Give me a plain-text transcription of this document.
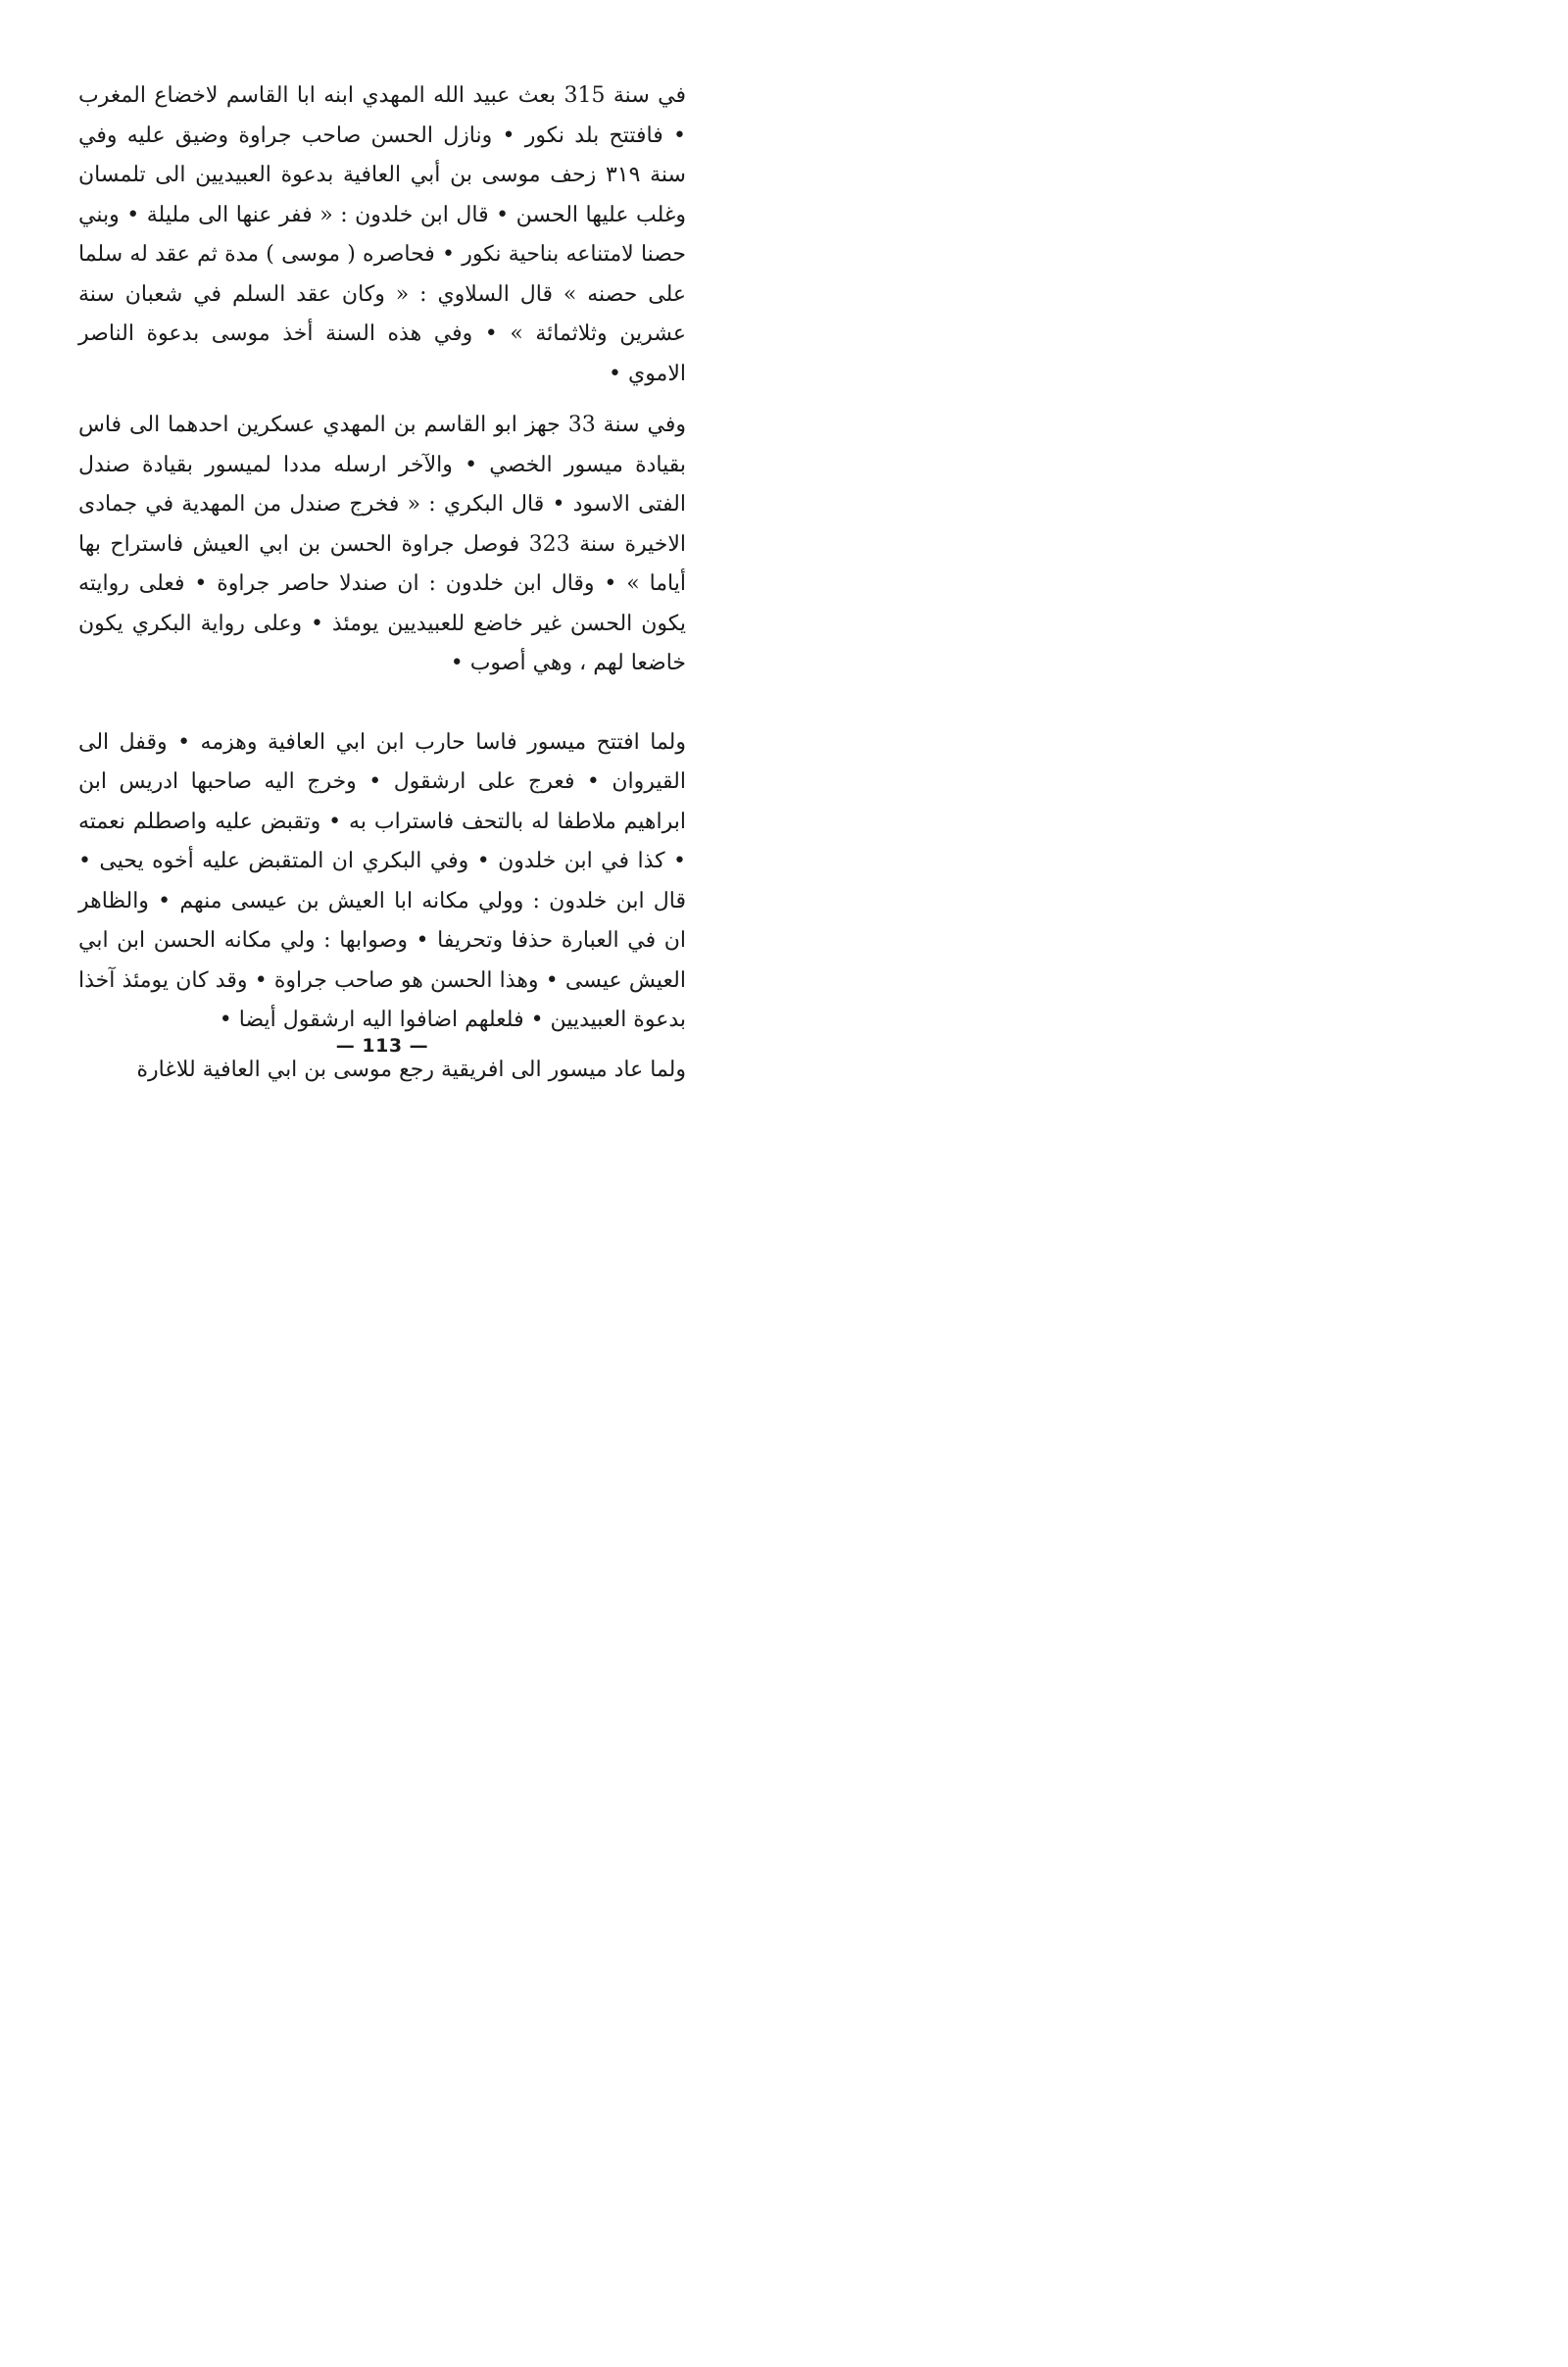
في سنة 315 بعث عبيد الله المهدي ابنه ابا القاسم لاخضاع المغرب • فافتتح بلد نكور • ونازل الحسن صاحب جراوة وضيق عليه وفي سنة ٣١٩ زحف موسى بن أبي العافية بدعوة العبيديين الى تلمسان وغلب عليها الحسن • قال ابن خلدون : « ففر عنها الى مليلة • وبني حصنا لامتناعه بناحية نكور • فحاصره ( موسى ) مدة ثم عقد له سلما على حصنه » قال السلاوي : « وكان عقد السلم في شعبان سنة عشرين وثلاثمائة » • وفي هذه السنة أخذ موسى بدعوة الناصر الاموي •

وفي سنة 33 جهز ابو القاسم بن المهدي عسكرين احدهما الى فاس بقيادة ميسور الخصي • والآخر ارسله مددا لميسور بقيادة صندل الفتى الاسود • قال البكري : « فخرج صندل من المهدية في جمادى الاخيرة سنة 323 فوصل جراوة الحسن بن ابي العيش فاستراح بها أياما » • وقال ابن خلدون : ان صندلا حاصر جراوة • فعلى روايته يكون الحسن غير خاضع للعبيديين يومئذ • وعلى رواية البكري يكون خاضعا لهم ، وهي أصوب •

ولما افتتح ميسور فاسا حارب ابن ابي العافية وهزمه • وقفل الى القيروان • فعرج على ارشقول • وخرج اليه صاحبها ادريس ابن ابراهيم ملاطفا له بالتحف فاستراب به • وتقبض عليه واصطلم نعمته • كذا في ابن خلدون • وفي البكري ان المتقبض عليه أخوه يحيى • قال ابن خلدون : وولي مكانه ابا العيش بن عيسى منهم • والظاهر ان في العبارة حذفا وتحريفا • وصوابها : ولي مكانه الحسن ابن ابي العيش عيسى • وهذا الحسن هو صاحب جراوة • وقد كان يومئذ آخذا بدعوة العبيديين • فلعلهم اضافوا اليه ارشقول أيضا •

ولما عاد ميسور الى افريقية رجع موسى بن ابي العافية للاغارة

— 113 —
